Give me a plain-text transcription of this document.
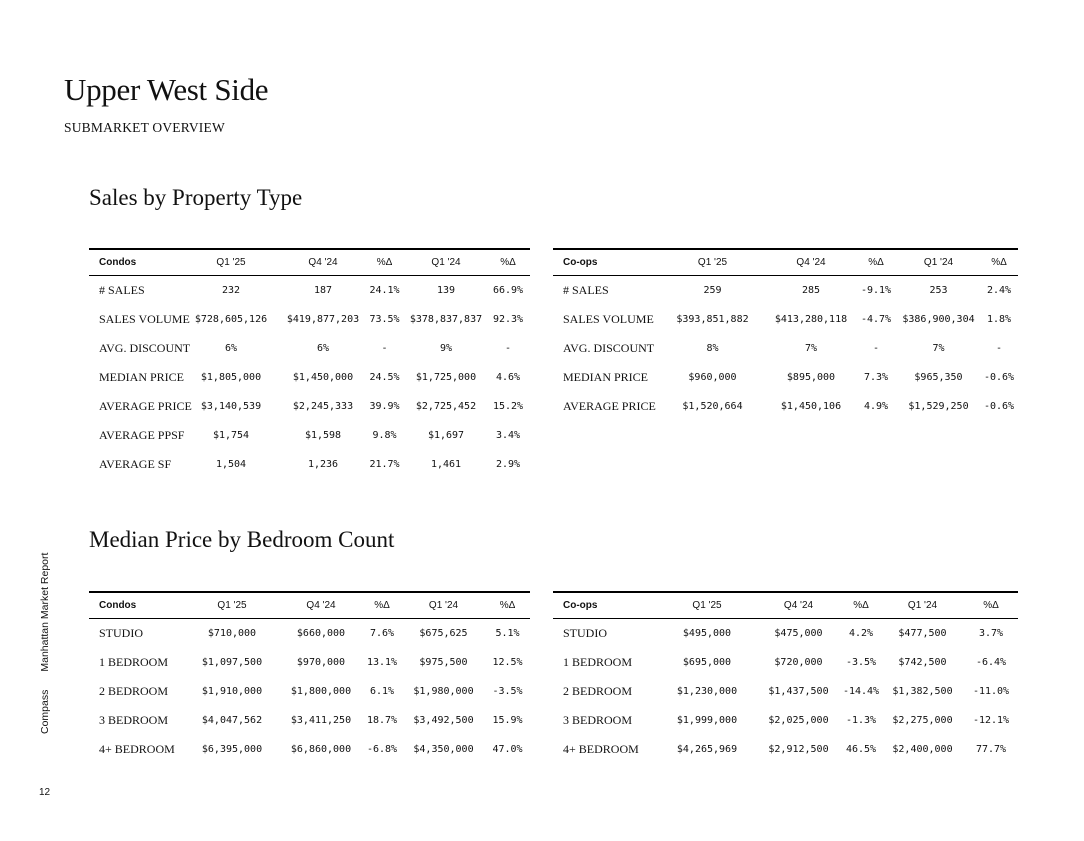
Upper West Side
SUBMARKET OVERVIEW
Sales by Property Type
Median Price by Bedroom Count
Condos	Q1 '25	Q4 '24	%Δ	Q1 '24	%Δ
# SALES	232	187	24.1%	139	66.9%
SALES VOLUME	$728,605,126	$419,877,203	73.5%	$378,837,837	92.3%
AVG. DISCOUNT	6%	6%	-	9%	-
MEDIAN PRICE	$1,805,000	$1,450,000	24.5%	$1,725,000	4.6%
AVERAGE PRICE	$3,140,539	$2,245,333	39.9%	$2,725,452	15.2%
AVERAGE PPSF	$1,754	$1,598	9.8%	$1,697	3.4%
AVERAGE SF	1,504	1,236	21.7%	1,461	2.9%
Co-ops	Q1 '25	Q4 '24	%Δ	Q1 '24	%Δ
# SALES	259	285	-9.1%	253	2.4%
SALES VOLUME	$393,851,882	$413,280,118	-4.7%	$386,900,304	1.8%
AVG. DISCOUNT	8%	7%	-	7%	-
MEDIAN PRICE	$960,000	$895,000	7.3%	$965,350	-0.6%
AVERAGE PRICE	$1,520,664	$1,450,106	4.9%	$1,529,250	-0.6%
Condos	Q1 '25	Q4 '24	%Δ	Q1 '24	%Δ
STUDIO	$710,000	$660,000	7.6%	$675,625	5.1%
1 BEDROOM	$1,097,500	$970,000	13.1%	$975,500	12.5%
2 BEDROOM	$1,910,000	$1,800,000	6.1%	$1,980,000	-3.5%
3 BEDROOM	$4,047,562	$3,411,250	18.7%	$3,492,500	15.9%
4+ BEDROOM	$6,395,000	$6,860,000	-6.8%	$4,350,000	47.0%
Co-ops	Q1 '25	Q4 '24	%Δ	Q1 '24	%Δ
STUDIO	$495,000	$475,000	4.2%	$477,500	3.7%
1 BEDROOM	$695,000	$720,000	-3.5%	$742,500	-6.4%
2 BEDROOM	$1,230,000	$1,437,500	-14.4%	$1,382,500	-11.0%
3 BEDROOM	$1,999,000	$2,025,000	-1.3%	$2,275,000	-12.1%
4+ BEDROOM	$4,265,969	$2,912,500	46.5%	$2,400,000	77.7%
CompassManhattan Market Report
12
